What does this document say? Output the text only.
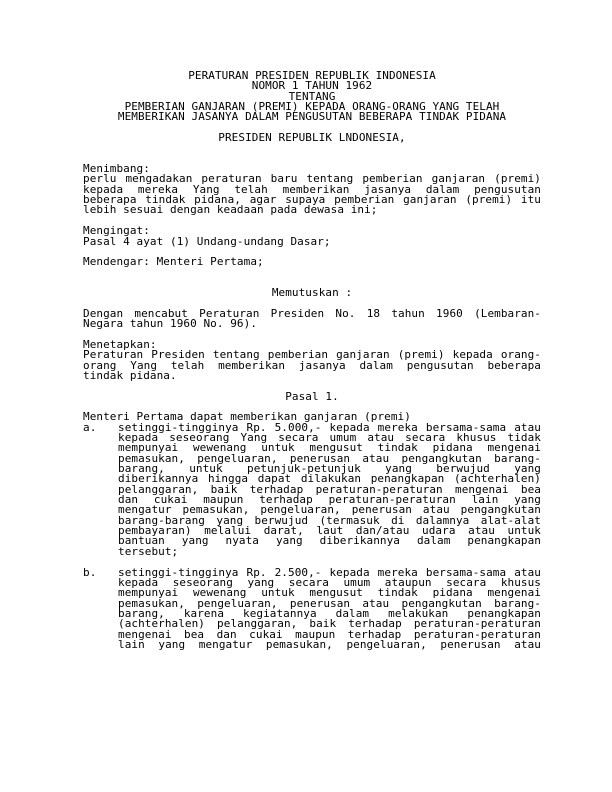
PERATURAN PRESIDEN REPUBLIK INDONESIA
NOMOR 1 TAHUN 1962
TENTANG
PEMBERIAN GANJARAN (PREMI) KEPADA ORANG-ORANG YANG TELAH
MEMBERIKAN JASANYA DALAM PENGUSUTAN BEBERAPA TINDAK PIDANA
PRESIDEN REPUBLIK LNDONESIA,
Menimbang:
perlu mengadakan peraturan baru tentang pemberian ganjaran (premi)
kepada mereka Yang telah memberikan jasanya dalam pengusutan
beberapa tindak pidana, agar supaya pemberian ganjaran (premi) itu
lebih sesuai dengan keadaan pada dewasa ini;
Mengingat:
Pasal 4 ayat (1) Undang-undang Dasar;
Mendengar: Menteri Pertama;
Memutuskan :
Dengan mencabut Peraturan Presiden No. 18 tahun 1960 (Lembaran-
Negara tahun 1960 No. 96).
Menetapkan:
Peraturan Presiden tentang pemberian ganjaran (premi) kepada orang-
orang Yang telah memberikan jasanya dalam pengusutan beberapa
tindak pidana.
Pasal 1.
Menteri Pertama dapat memberikan ganjaran (premi)
a. setinggi-tingginya Rp. 5.000,- kepada mereka bersama-sama atau
kepada seseorang Yang secara umum atau secara khusus tidak
mempunyai wewenang untuk mengusut tindak pidana mengenai
pemasukan, pengeluaran, penerusan atau pengangkutan barang-
barang, untuk petunjuk-petunjuk yang berwujud yang
diberikannya hingga dapat dilakukan penangkapan (achterhalen)
pelanggaran, baik terhadap peraturan-peraturan mengenai bea
dan cukai maupun terhadap peraturan-peraturan lain yang
mengatur pemasukan, pengeluaran, penerusan atau pengangkutan
barang-barang yang berwujud (termasuk di dalamnya alat-alat
pembayaran) melalui darat, laut dan/atau udara atau untuk
bantuan yang nyata yang diberikannya dalam penangkapan
tersebut;
b. setinggi-tingginya Rp. 2.500,- kepada mereka bersama-sama atau
kepada seseorang yang secara umum ataupun secara khusus
mempunyai wewenang untuk mengusut tindak pidana mengenai
pemasukan, pengeluaran, penerusan atau pengangkutan barang-
barang, karena kegiatannya dalam melakukan penangkapan
(achterhalen) pelanggaran, baik terhadap peraturan-peraturan
mengenai bea dan cukai maupun terhadap peraturan-peraturan
lain yang mengatur pemasukan, pengeluaran, penerusan atau
